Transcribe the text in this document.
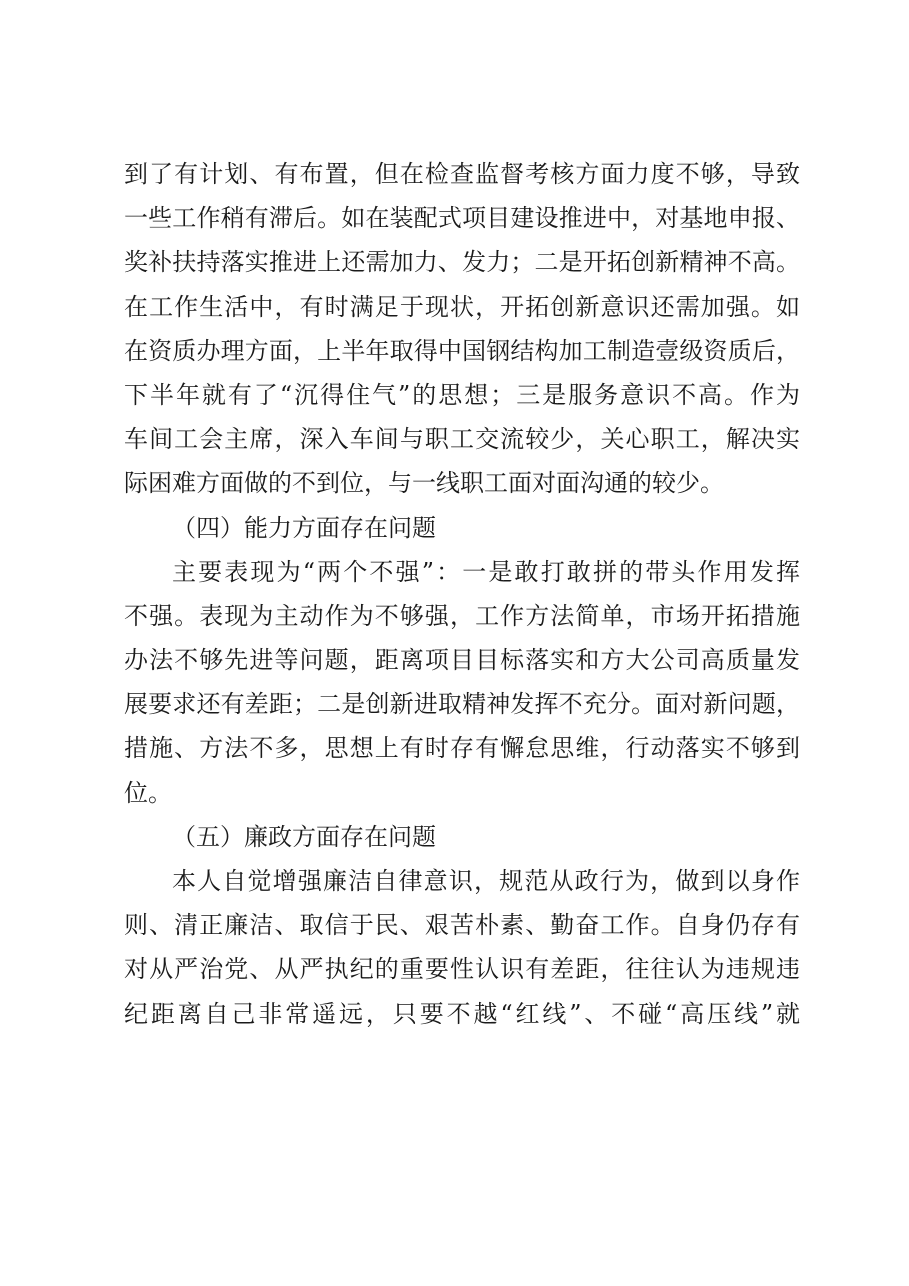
到了有计划、有布置，但在检查监督考核方面力度不够，导致
一些工作稍有滞后。如在装配式项目建设推进中，对基地申报、
奖补扶持落实推进上还需加力、发力；二是开拓创新精神不高。
在工作生活中，有时满足于现状，开拓创新意识还需加强。如
在资质办理方面，上半年取得中国钢结构加工制造壹级资质后，
下半年就有了“沉得住气”的思想；三是服务意识不高。作为
车间工会主席，深入车间与职工交流较少，关心职工，解决实
际困难方面做的不到位，与一线职工面对面沟通的较少。
（四）能力方面存在问题
主要表现为“两个不强”：一是敢打敢拼的带头作用发挥
不强。表现为主动作为不够强，工作方法简单，市场开拓措施
办法不够先进等问题，距离项目目标落实和方大公司高质量发
展要求还有差距；二是创新进取精神发挥不充分。面对新问题，
措施、方法不多，思想上有时存有懈怠思维，行动落实不够到
位。
（五）廉政方面存在问题
本人自觉增强廉洁自律意识，规范从政行为，做到以身作
则、清正廉洁、取信于民、艰苦朴素、勤奋工作。自身仍存有
对从严治党、从严执纪的重要性认识有差距，往往认为违规违
纪距离自己非常遥远，只要不越“红线”、不碰“高压线”就
